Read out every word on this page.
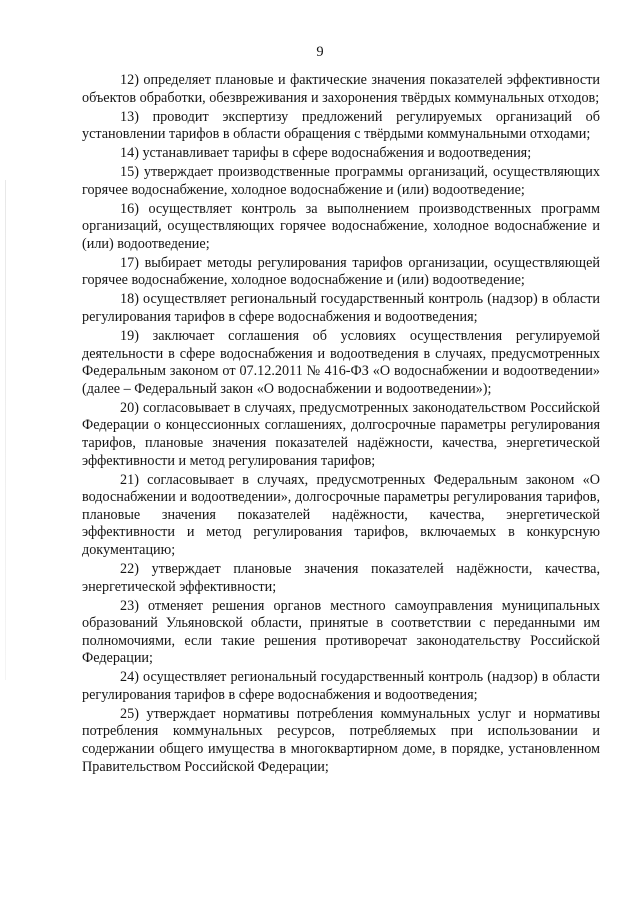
9

12) определяет плановые и фактические значения показателей эффективности объектов обработки, обезвреживания и захоронения твёрдых коммунальных отходов;

13) проводит экспертизу предложений регулируемых организаций об установлении тарифов в области обращения с твёрдыми коммунальными отходами;

14) устанавливает тарифы в сфере водоснабжения и водоотведения;

15) утверждает производственные программы организаций, осуществляющих горячее водоснабжение, холодное водоснабжение и (или) водоотведение;

16) осуществляет контроль за выполнением производственных программ организаций, осуществляющих горячее водоснабжение, холодное водоснабжение и (или) водоотведение;

17) выбирает методы регулирования тарифов организации, осуществляющей горячее водоснабжение, холодное водоснабжение и (или) водоотведение;

18) осуществляет региональный государственный контроль (надзор) в области регулирования тарифов в сфере водоснабжения и водоотведения;

19) заключает соглашения об условиях осуществления регулируемой деятельности в сфере водоснабжения и водоотведения в случаях, предусмотренных Федеральным законом от 07.12.2011 № 416-ФЗ «О водоснабжении и водоотведении» (далее – Федеральный закон «О водоснабжении и водоотведении»);

20) согласовывает в случаях, предусмотренных законодательством Российской Федерации о концессионных соглашениях, долгосрочные параметры регулирования тарифов, плановые значения показателей надёжности, качества, энергетической эффективности и метод регулирования тарифов;

21) согласовывает в случаях, предусмотренных Федеральным законом «О водоснабжении и водоотведении», долгосрочные параметры регулирования тарифов, плановые значения показателей надёжности, качества, энергетической эффективности и метод регулирования тарифов, включаемых в конкурсную документацию;

22) утверждает плановые значения показателей надёжности, качества, энергетической эффективности;

23) отменяет решения органов местного самоуправления муниципальных образований Ульяновской области, принятые в соответствии с переданными им полномочиями, если такие решения противоречат законодательству Российской Федерации;

24) осуществляет региональный государственный контроль (надзор) в области регулирования тарифов в сфере водоснабжения и водоотведения;

25) утверждает нормативы потребления коммунальных услуг и нормативы потребления коммунальных ресурсов, потребляемых при использовании и содержании общего имущества в многоквартирном доме, в порядке, установленном Правительством Российской Федерации;
